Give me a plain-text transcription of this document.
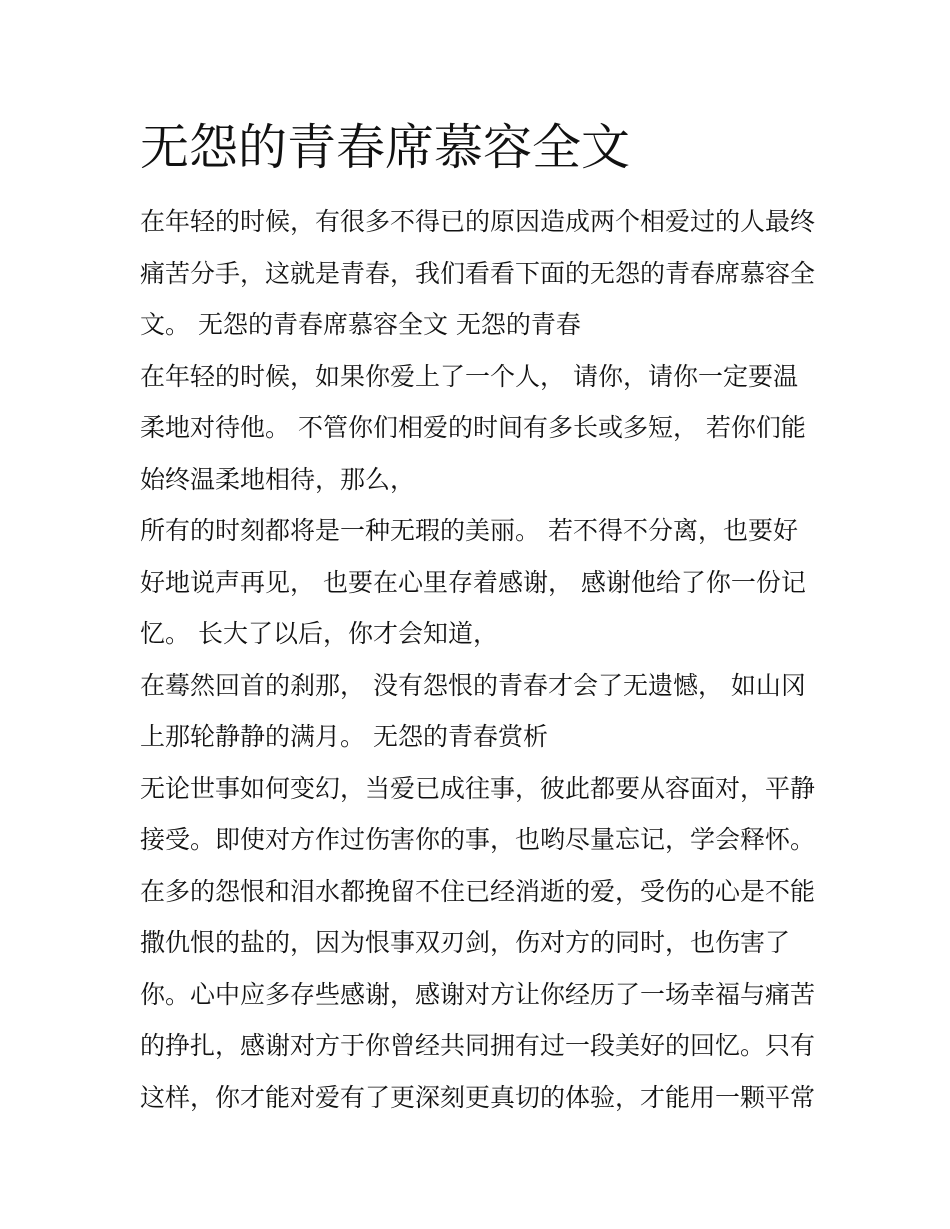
无怨的青春席慕容全文
在年轻的时候，有很多不得已的原因造成两个相爱过的人最终
痛苦分手，这就是青春，我们看看下面的无怨的青春席慕容全
文。 无怨的青春席慕容全文 无怨的青春
在年轻的时候，如果你爱上了一个人， 请你，请你一定要温
柔地对待他。 不管你们相爱的时间有多长或多短， 若你们能
始终温柔地相待，那么，
所有的时刻都将是一种无瑕的美丽。 若不得不分离，也要好
好地说声再见， 也要在心里存着感谢， 感谢他给了你一份记
忆。 长大了以后，你才会知道，
在蓦然回首的刹那， 没有怨恨的青春才会了无遗憾， 如山冈
上那轮静静的满月。 无怨的青春赏析
无论世事如何变幻，当爱已成往事，彼此都要从容面对，平静
接受。即使对方作过伤害你的事，也哟尽量忘记，学会释怀。
在多的怨恨和泪水都挽留不住已经消逝的爱，受伤的心是不能
撒仇恨的盐的，因为恨事双刃剑，伤对方的同时，也伤害了
你。心中应多存些感谢，感谢对方让你经历了一场幸福与痛苦
的挣扎，感谢对方于你曾经共同拥有过一段美好的回忆。只有
这样，你才能对爱有了更深刻更真切的体验，才能用一颗平常
